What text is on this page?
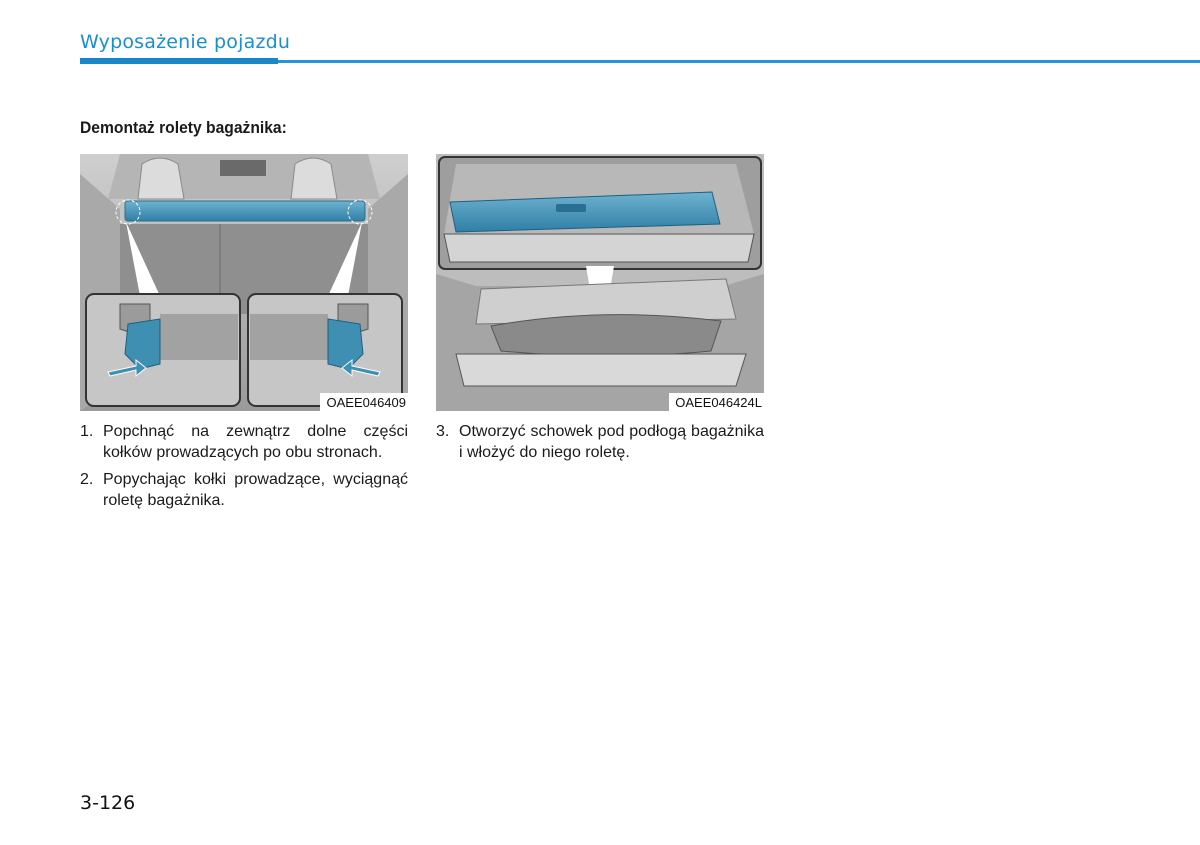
Wyposażenie pojazdu
Demontaż rolety bagażnika:
OAEE046409	OAEE046424L
1. Popchnąć na zewnątrz dolne części kołków prowadzących po obu stronach.
2. Popychając kołki prowadzące, wyciągnąć roletę bagażnika.
3. Otworzyć schowek pod podłogą bagażnika i włożyć do niego roletę.
3-126
